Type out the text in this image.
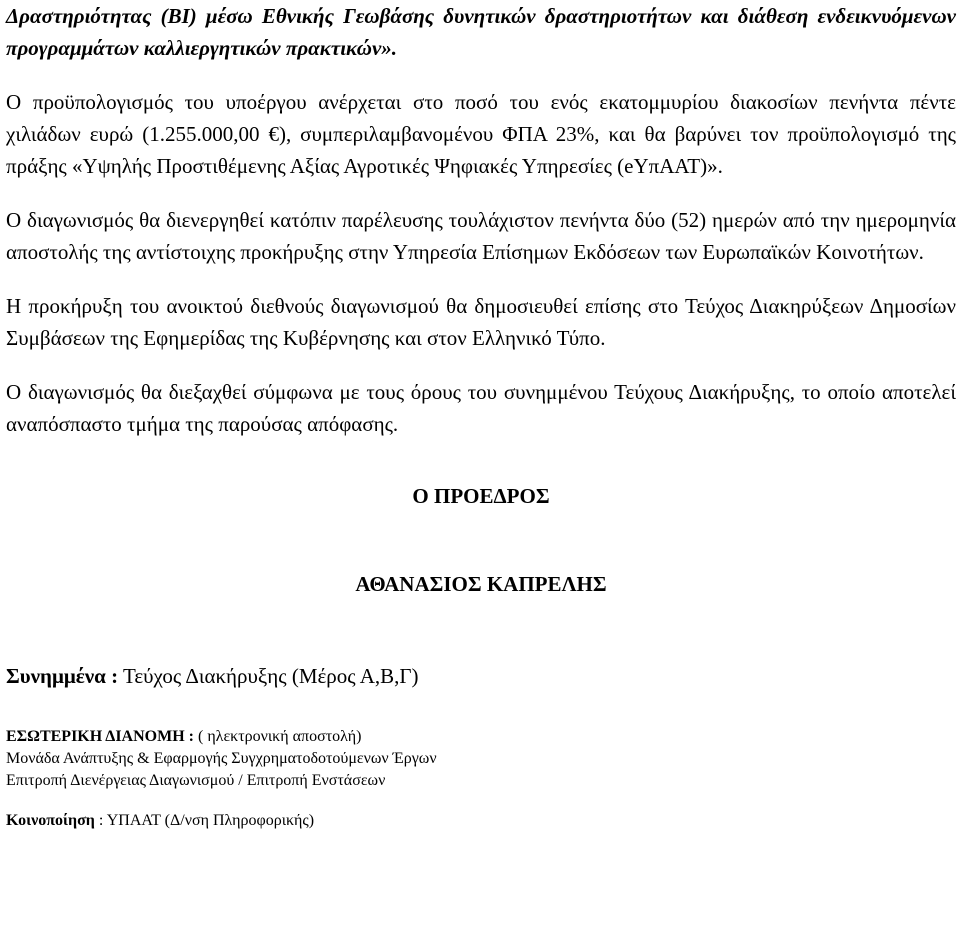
Δραστηριότητας (ΒΙ) μέσω Εθνικής Γεωβάσης δυνητικών δραστηριοτήτων και διάθεση ενδεικνυόμενων προγραμμάτων καλλιεργητικών πρακτικών».

Ο προϋπολογισμός του υποέργου ανέρχεται στο ποσό του ενός εκατομμυρίου διακοσίων πενήντα πέντε χιλιάδων ευρώ (1.255.000,00 €), συμπεριλαμβανομένου ΦΠΑ 23%, και θα βαρύνει τον προϋπολογισμό της πράξης «Υψηλής Προστιθέμενης Αξίας Αγροτικές Ψηφιακές Υπηρεσίες (eΥπΑΑΤ)».

Ο διαγωνισμός θα διενεργηθεί κατόπιν παρέλευσης τουλάχιστον πενήντα δύο (52) ημερών από την ημερομηνία αποστολής της αντίστοιχης προκήρυξης στην Υπηρεσία Επίσημων Εκδόσεων των Ευρωπαϊκών Κοινοτήτων.

Η προκήρυξη του ανοικτού διεθνούς διαγωνισμού θα δημοσιευθεί επίσης στο Τεύχος Διακηρύξεων Δημοσίων Συμβάσεων της Εφημερίδας της Κυβέρνησης και στον Ελληνικό Τύπο.

Ο διαγωνισμός θα διεξαχθεί σύμφωνα με τους όρους του συνημμένου Τεύχους Διακήρυξης, το οποίο αποτελεί αναπόσπαστο τμήμα της παρούσας απόφασης.

Ο ΠΡΟΕΔΡΟΣ

ΑΘΑΝΑΣΙΟΣ ΚΑΠΡΕΛΗΣ

Συνημμένα : Τεύχος Διακήρυξης (Μέρος Α,Β,Γ)

ΕΣΩΤΕΡΙΚΗ ΔΙΑΝΟΜΗ : ( ηλεκτρονική αποστολή)

Μονάδα Ανάπτυξης & Εφαρμογής Συγχρηματοδοτούμενων Έργων

Επιτροπή Διενέργειας Διαγωνισμού / Επιτροπή Ενστάσεων

Κοινοποίηση : ΥΠΑΑΤ (Δ/νση Πληροφορικής)
